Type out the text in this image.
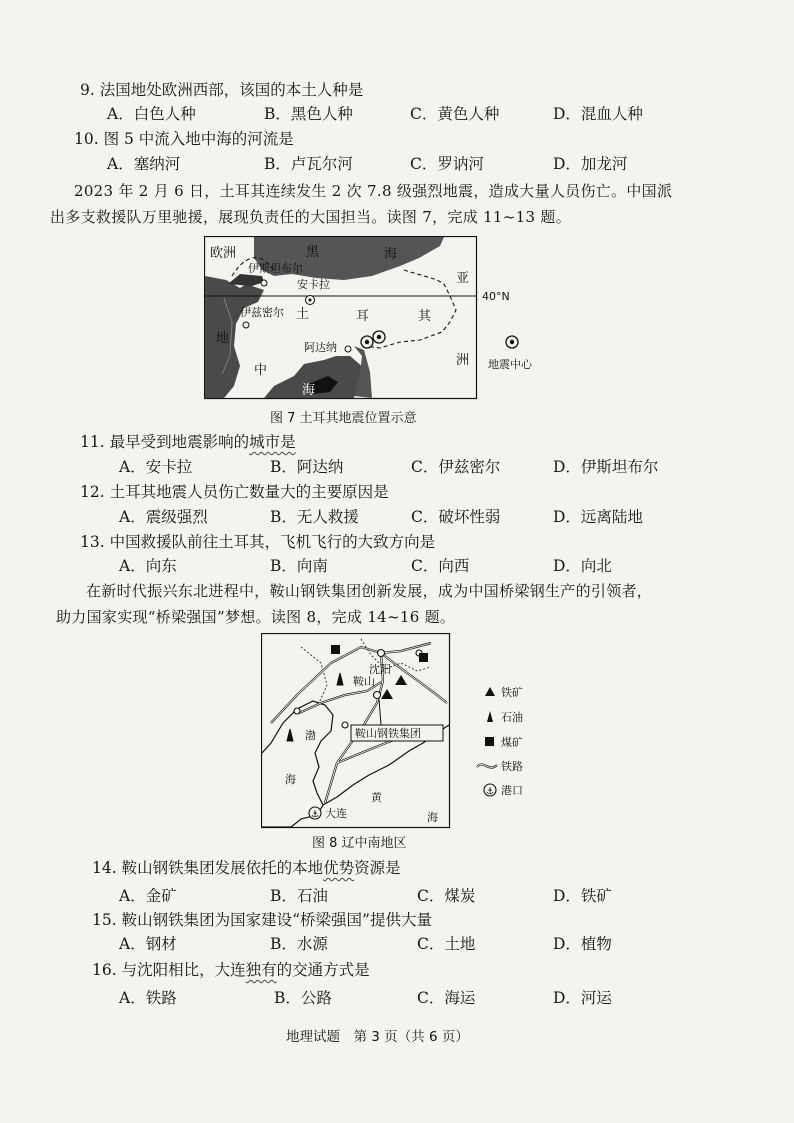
9. 法国地处欧洲西部，该国的本土人种是
A．白色人种	B．黑色人种	C．黄色人种	D．混血人种
10. 图 5 中流入地中海的河流是
A．塞纳河	B．卢瓦尔河	C．罗讷河	D．加龙河
2023 年 2 月 6 日，土耳其连续发生 2 次 7.8 级强烈地震，造成大量人员伤亡。中国派
出多支救援队万里驰援，展现负责任的大国担当。读图 7，完成 11~13 题。
欧洲	黑	海
伊斯坦布尔
安卡拉	亚
40°N
伊兹密尔 土	耳	其
地
阿达纳
洲
中
海
地震中心
图 7 土耳其地震位置示意
11. 最早受到地震影响的城市是
A．安卡拉	B．阿达纳	C．伊兹密尔	D．伊斯坦布尔
12. 土耳其地震人员伤亡数量大的主要原因是
A．震级强烈	B．无人救援	C．破坏性弱	D．远离陆地
13. 中国救援队前往土耳其，飞机飞行的大致方向是
A．向东	B．向南	C．向西	D．向北
在新时代振兴东北进程中，鞍山钢铁集团创新发展，成为中国桥梁钢生产的引领者，
助力国家实现“桥梁强国”梦想。读图 8，完成 14~16 题。
⚓
沈阳
鞍山
鞍山钢铁集团
渤
海
大连
黄
海
铁矿
石油
煤矿
铁路
⚓ 港口
图 8 辽中南地区
14. 鞍山钢铁集团发展依托的本地优势资源是
A．金矿	B．石油	C．煤炭	D．铁矿
15. 鞍山钢铁集团为国家建设“桥梁强国”提供大量
A．钢材	B．水源	C．土地	D．植物
16. 与沈阳相比，大连独有的交通方式是
A．铁路	B．公路	C．海运	D．河运
地理试题　第 3 页（共 6 页）
